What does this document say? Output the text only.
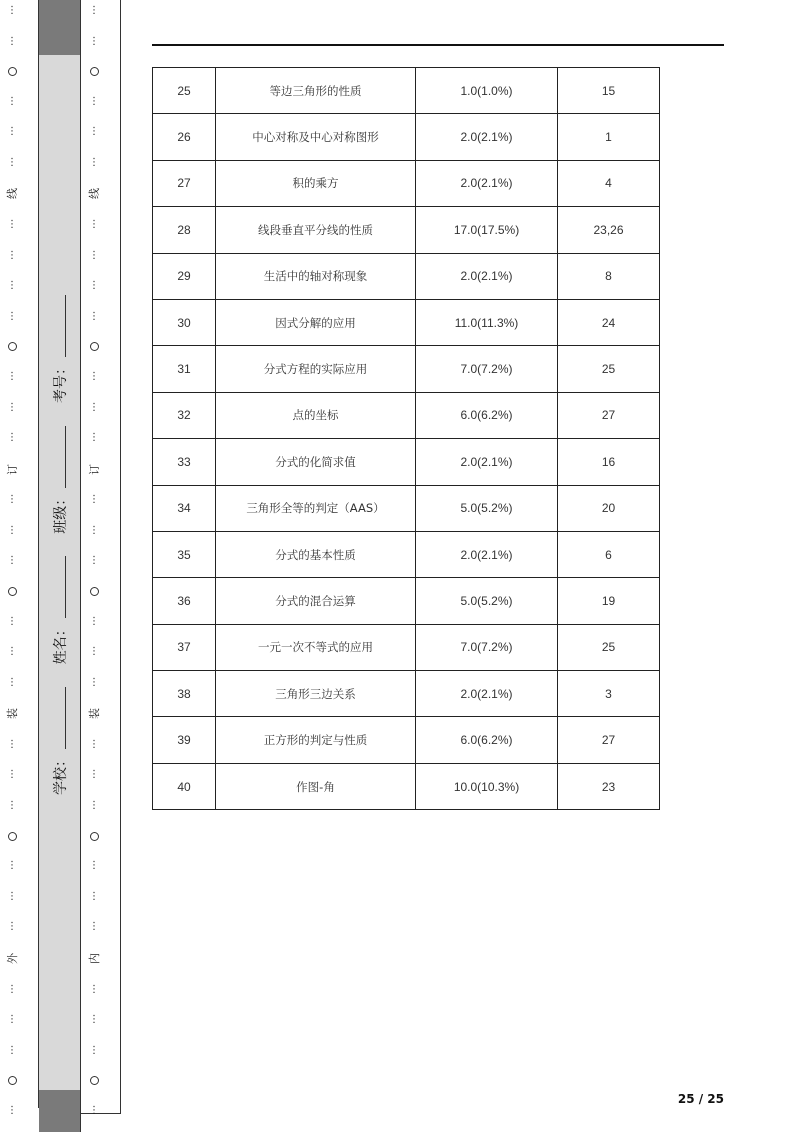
⋮
⋮
⋮
⋮
⋮
线
⋮
⋮
⋮
⋮
⋮
⋮
⋮
订
⋮
⋮
⋮
⋮
⋮
⋮
装
⋮
⋮
⋮
⋮
⋮
⋮
外
⋮
⋮
⋮
⋮
⋮
⋮
⋮
⋮
⋮
线
⋮
⋮
⋮
⋮
⋮
⋮
⋮
订
⋮
⋮
⋮
⋮
⋮
⋮
装
⋮
⋮
⋮
⋮
⋮
⋮
内
⋮
⋮
⋮
⋮
学校：
姓名：
班级：
考号：
25	等边三角形的性质	1.0(1.0%)	15
26	中心对称及中心对称图形	2.0(2.1%)	1
27	积的乘方	2.0(2.1%)	4
28	线段垂直平分线的性质	17.0(17.5%)	23,26
29	生活中的轴对称现象	2.0(2.1%)	8
30	因式分解的应用	11.0(11.3%)	24
31	分式方程的实际应用	7.0(7.2%)	25
32	点的坐标	6.0(6.2%)	27
33	分式的化简求值	2.0(2.1%)	16
34	三角形全等的判定（AAS）	5.0(5.2%)	20
35	分式的基本性质	2.0(2.1%)	6
36	分式的混合运算	5.0(5.2%)	19
37	一元一次不等式的应用	7.0(7.2%)	25
38	三角形三边关系	2.0(2.1%)	3
39	正方形的判定与性质	6.0(6.2%)	27
40	作图-角	10.0(10.3%)	23
25 / 25
